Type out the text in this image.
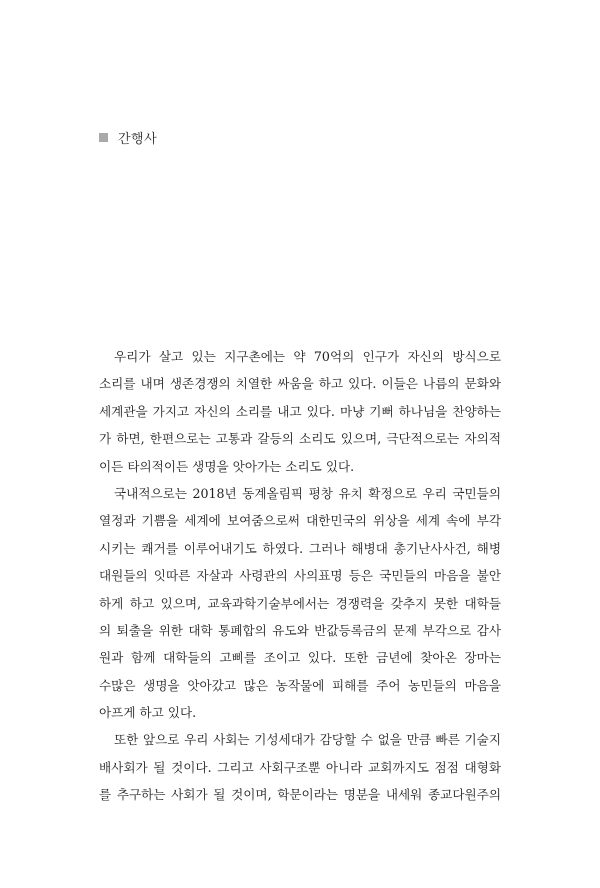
간행사

우리가 살고 있는 지구촌에는 약 70억의 인구가 자신의 방식으로
소리를 내며 생존경쟁의 치열한 싸움을 하고 있다. 이들은 나름의 문화와
세계관을 가지고 자신의 소리를 내고 있다. 마냥 기뻐 하나님을 찬양하는
가 하면, 한편으로는 고통과 갈등의 소리도 있으며, 극단적으로는 자의적
이든 타의적이든 생명을 앗아가는 소리도 있다.

국내적으로는 2018년 동계올림픽 평창 유치 확정으로 우리 국민들의
열정과 기쁨을 세계에 보여줌으로써 대한민국의 위상을 세계 속에 부각
시키는 쾌거를 이루어내기도 하였다. 그러나 해병대 총기난사사건, 해병
대원들의 잇따른 자살과 사령관의 사의표명 등은 국민들의 마음을 불안
하게 하고 있으며, 교육과학기술부에서는 경쟁력을 갖추지 못한 대학들
의 퇴출을 위한 대학 통폐합의 유도와 반값등록금의 문제 부각으로 감사
원과 함께 대학들의 고삐를 조이고 있다. 또한 금년에 찾아온 장마는
수많은 생명을 앗아갔고 많은 농작물에 피해를 주어 농민들의 마음을
아프게 하고 있다.

또한 앞으로 우리 사회는 기성세대가 감당할 수 없을 만큼 빠른 기술지
배사회가 될 것이다. 그리고 사회구조뿐 아니라 교회까지도 점점 대형화
를 추구하는 사회가 될 것이며, 학문이라는 명분을 내세워 종교다원주의
